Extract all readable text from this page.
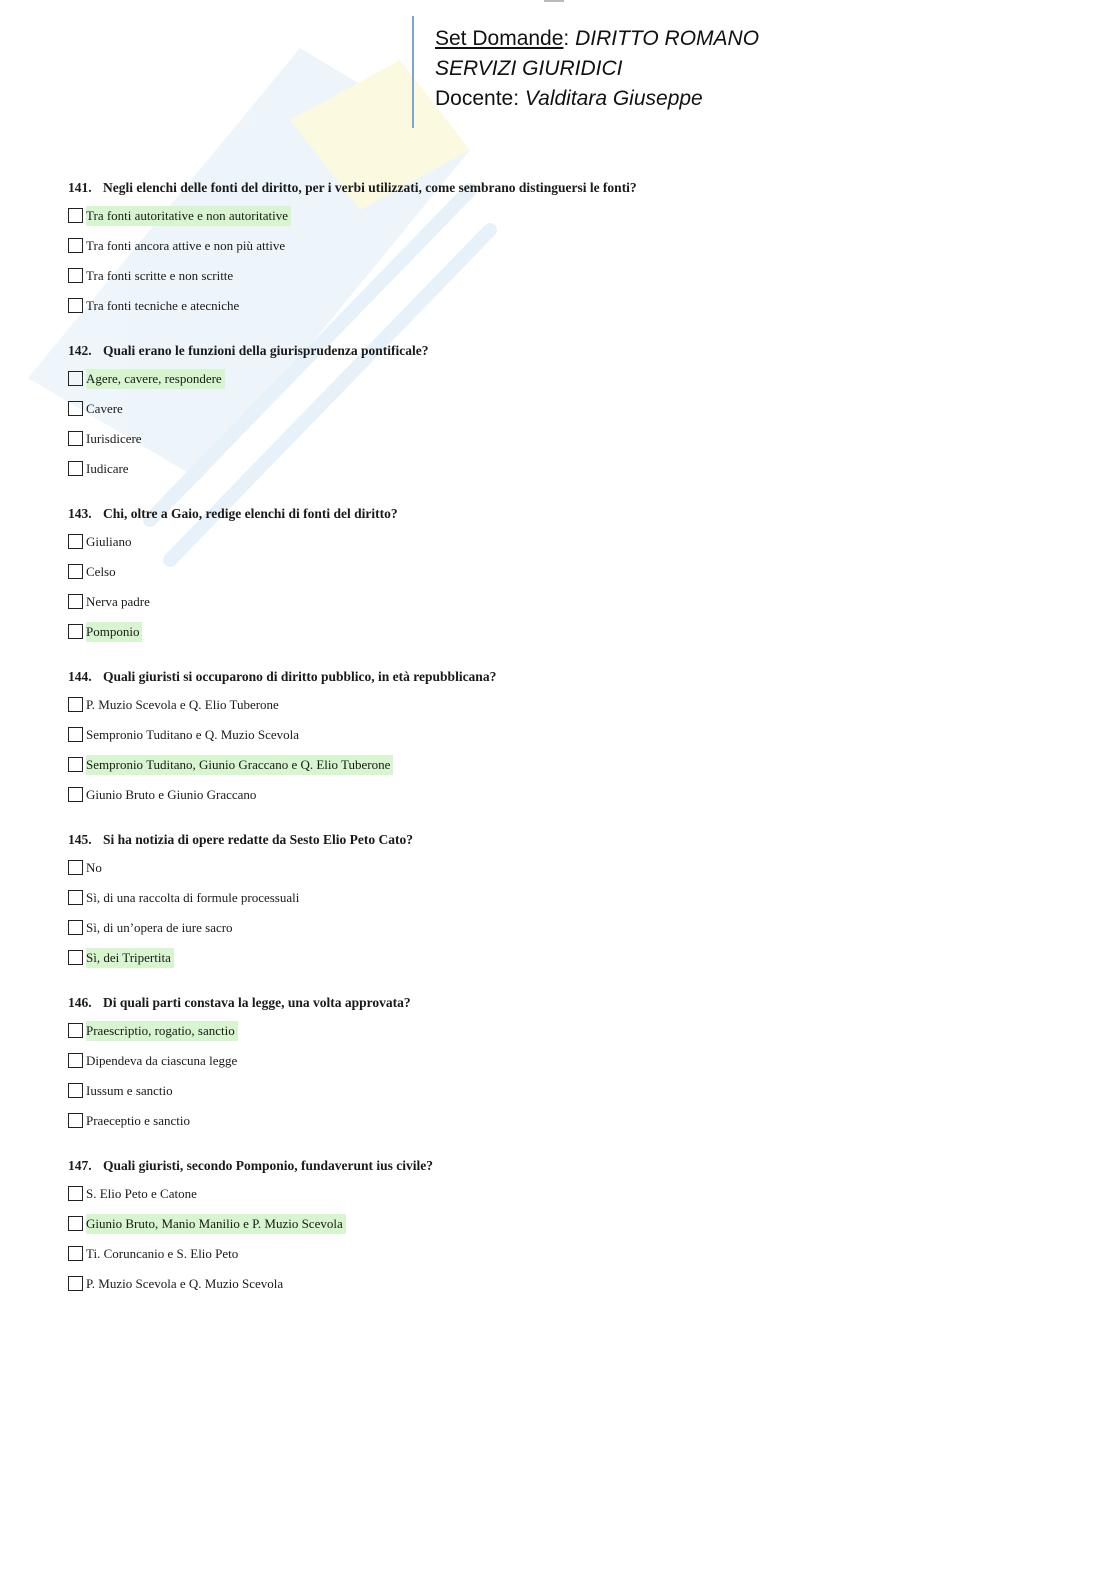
Set Domande: DIRITTO ROMANO
SERVIZI GIURIDICI
Docente: Valditara Giuseppe
141. Negli elenchi delle fonti del diritto, per i verbi utilizzati, come sembrano distinguersi le fonti?
Tra fonti autoritative e non autoritative
Tra fonti ancora attive e non più attive
Tra fonti scritte e non scritte
Tra fonti tecniche e atecniche
142. Quali erano le funzioni della giurisprudenza pontificale?
Agere, cavere, respondere
Cavere
Iurisdicere
Iudicare
143. Chi, oltre a Gaio, redige elenchi di fonti del diritto?
Giuliano
Celso
Nerva padre
Pomponio
144. Quali giuristi si occuparono di diritto pubblico, in età repubblicana?
P. Muzio Scevola e Q. Elio Tuberone
Sempronio Tuditano e Q. Muzio Scevola
Sempronio Tuditano, Giunio Graccano e Q. Elio Tuberone
Giunio Bruto e Giunio Graccano
145. Si ha notizia di opere redatte da Sesto Elio Peto Cato?
No
Sì, di una raccolta di formule processuali
Sì, di un’opera de iure sacro
Sì, dei Tripertita
146. Di quali parti constava la legge, una volta approvata?
Praescriptio, rogatio, sanctio
Dipendeva da ciascuna legge
Iussum e sanctio
Praeceptio e sanctio
147. Quali giuristi, secondo Pomponio, fundaverunt ius civile?
S. Elio Peto e Catone
Giunio Bruto, Manio Manilio e P. Muzio Scevola
Ti. Coruncanio e S. Elio Peto
P. Muzio Scevola e Q. Muzio Scevola
